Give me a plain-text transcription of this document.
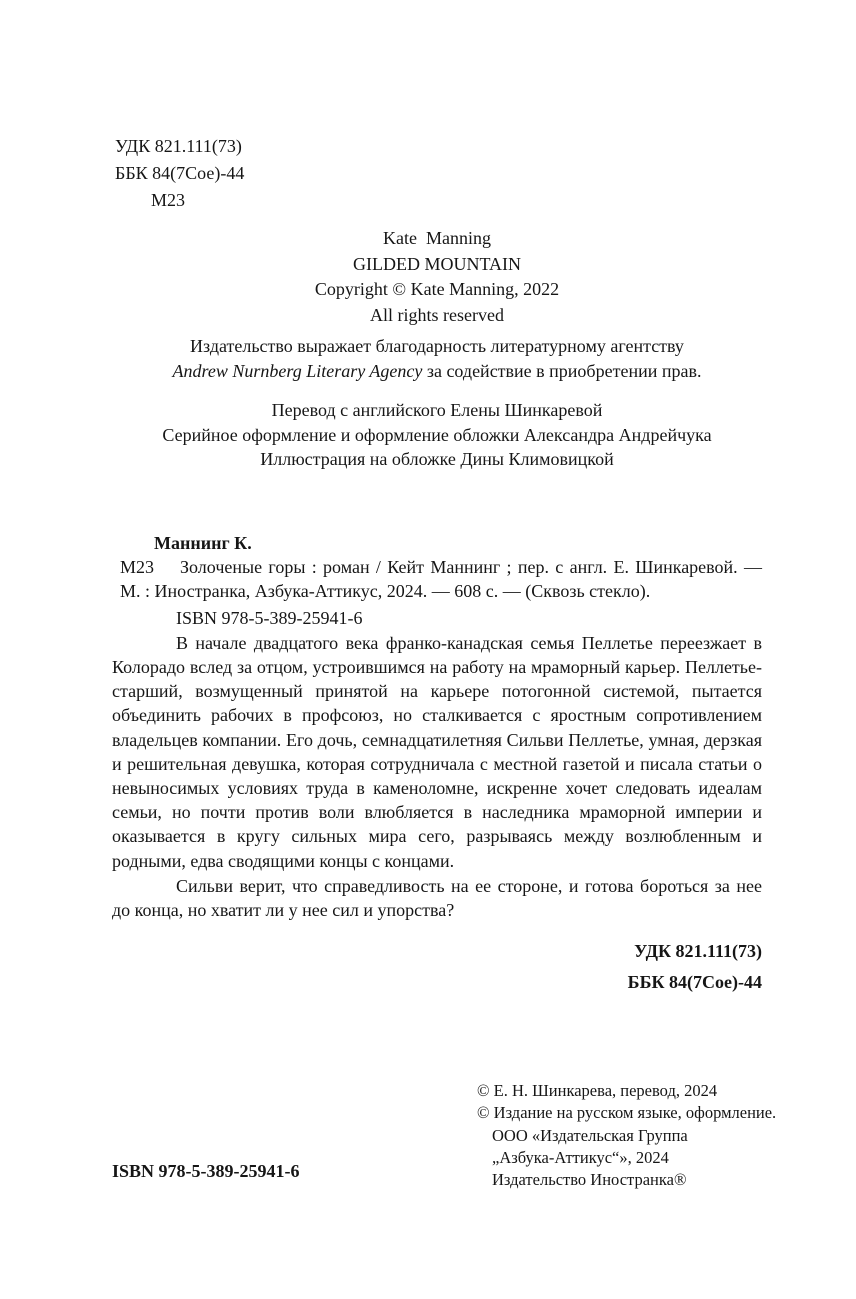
УДК 821.111(73)
ББК 84(7Сое)-44
М23
Kate  Manning
GILDED MOUNTAIN
Copyright © Kate Manning, 2022
All rights reserved
Издательство выражает благодарность литературному агентству
Andrew Nurnberg Literary Agency за содействие в приобретении прав.
Перевод с английского Елены Шинкаревой
Серийное оформление и оформление обложки Александра Андрейчука
Иллюстрация на обложке Дины Климовицкой

Маннинг К.

М23 Золоченые горы : роман / Кейт Маннинг ; пер. с англ. Е. Шинкаревой. — М. : Иностранка, Азбука-Аттикус, 2024. — 608 с. — (Сквозь стекло).

ISBN 978-5-389-25941-6

В начале двадцатого века франко-канадская семья Пеллетье переезжает в Колорадо вслед за отцом, устроившимся на работу на мраморный карьер. Пеллетье-старший, возмущенный принятой на карьере потогонной системой, пытается объединить рабочих в профсоюз, но сталкивается с яростным сопротивлением владельцев компании. Его дочь, семнадцатилетняя Сильви Пеллетье, умная, дерзкая и решительная девушка, которая сотрудничала с местной газетой и писала статьи о невыносимых условиях труда в каменоломне, искренне хочет следовать идеалам семьи, но почти против воли влюбляется в наследника мраморной империи и оказывается в кругу сильных мира сего, разрываясь между возлюбленным и родными, едва сводящими концы с концами.

Сильви верит, что справедливость на ее стороне, и готова бороться за нее до конца, но хватит ли у нее сил и упорства?

УДК 821.111(73)
ББК 84(7Сое)-44
© Е. Н. Шинкарева, перевод, 2024
© Издание на русском языке, оформление.
ООО «Издательская Группа
„Азбука-Аттикус“», 2024
Издательство Иностранка®
ISBN 978-5-389-25941-6
